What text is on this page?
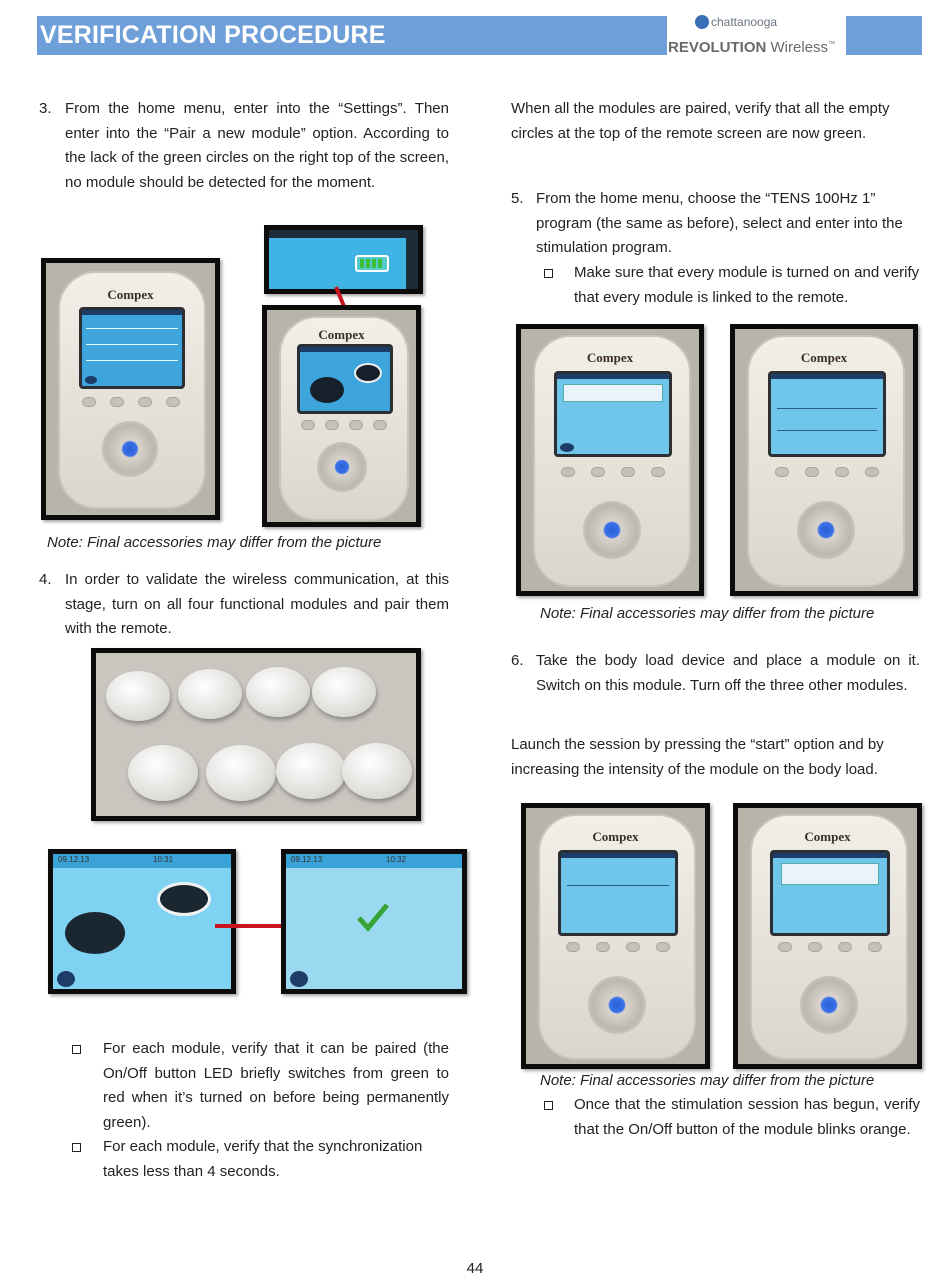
VERIFICATION PROCEDURE	chattanooga
REVOLUTION Wireless™
3. From the home menu, enter into the “Settings”. Then enter into the “Pair a new module” option. According to the lack of the green circles on the right top of the screen, no module should be detected for the moment.
Compex
Compex
Note: Final accessories may differ from the picture
4. In order to validate the wireless communication, at this stage, turn on all four functional modules and pair them with the remote.
09.12.13	10:31	09.12.13	10:32
For each module, verify that it can be paired (the On/Off button LED briefly switches from green to red when it’s turned on before being permanently green).
For each module, verify that the synchronization takes less than 4 seconds.
When all the modules are paired, verify that all the empty circles at the top of the remote screen are now green.
5. From the home menu, choose the “TENS 100Hz 1” program (the same as before), select and enter into the stimulation program.
Make sure that every module is turned on and verify that every module is linked to the remote.
Compex	Compex
Note: Final accessories may differ from the picture
6. Take the body load device and place a module on it. Switch on this module. Turn off the three other modules.
Launch the session by pressing the “start” option and by increasing the intensity of the module on the body load.
Compex	Compex
Note: Final accessories may differ from the picture
Once that the stimulation session has begun, verify that the On/Off button of the module blinks orange.
44
